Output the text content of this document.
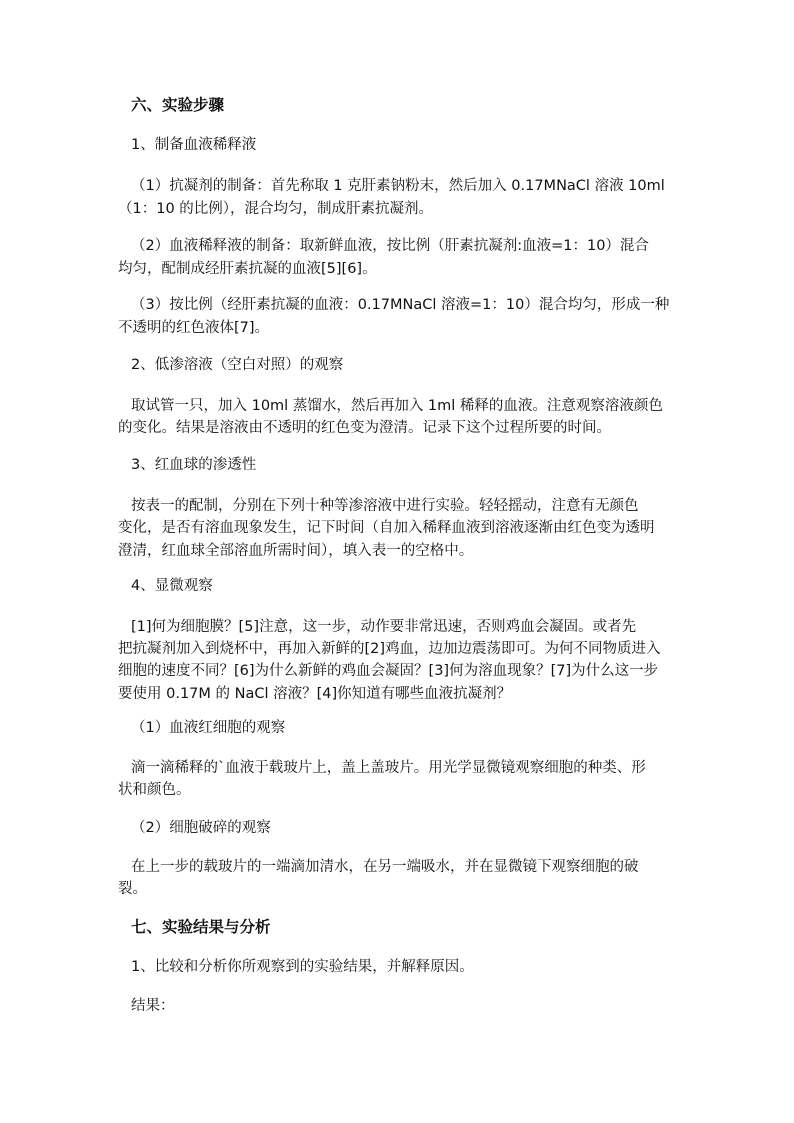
六、实验步骤
1、制备血液稀释液
（1）抗凝剂的制备：首先称取 1 克肝素钠粉末，然后加入 0.17MNaCl 溶液 10ml
（1：10 的比例），混合均匀，制成肝素抗凝剂。
（2）血液稀释液的制备：取新鲜血液，按比例（肝素抗凝剂:血液=1：10）混合
均匀，配制成经肝素抗凝的血液[5][6]。
（3）按比例（经肝素抗凝的血液：0.17MNaCl 溶液=1：10）混合均匀，形成一种
不透明的红色液体[7]。
2、低渗溶液（空白对照）的观察
取试管一只，加入 10ml 蒸馏水，然后再加入 1ml 稀释的血液。注意观察溶液颜色
的变化。结果是溶液由不透明的红色变为澄清。记录下这个过程所要的时间。
3、红血球的渗透性
按表一的配制，分别在下列十种等渗溶液中进行实验。轻轻摇动，注意有无颜色
变化，是否有溶血现象发生，记下时间（自加入稀释血液到溶液逐渐由红色变为透明
澄清，红血球全部溶血所需时间），填入表一的空格中。
4、显微观察
[1]何为细胞膜？[5]注意，这一步，动作要非常迅速，否则鸡血会凝固。或者先
把抗凝剂加入到烧杯中，再加入新鲜的[2]鸡血，边加边震荡即可。为何不同物质进入
细胞的速度不同？[6]为什么新鲜的鸡血会凝固？[3]何为溶血现象？[7]为什么这一步
要使用 0.17M 的 NaCl 溶液？[4]你知道有哪些血液抗凝剂？
（1）血液红细胞的观察
滴一滴稀释的`血液于载玻片上，盖上盖玻片。用光学显微镜观察细胞的种类、形
状和颜色。
（2）细胞破碎的观察
在上一步的载玻片的一端滴加清水，在另一端吸水，并在显微镜下观察细胞的破
裂。
七、实验结果与分析
1、比较和分析你所观察到的实验结果，并解释原因。
结果：
